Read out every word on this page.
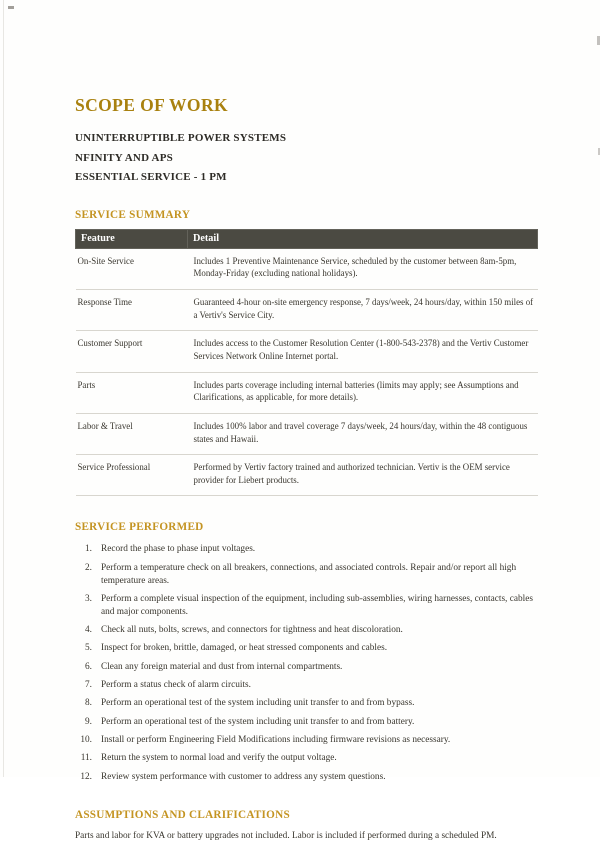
SCOPE OF WORK
UNINTERRUPTIBLE POWER SYSTEMS
NFINITY AND APS
ESSENTIAL SERVICE - 1 PM
SERVICE SUMMARY
Feature	Detail
On-Site Service	Includes 1 Preventive Maintenance Service, scheduled by the customer between 8am-5pm, Monday-Friday (excluding national holidays).
Response Time	Guaranteed 4-hour on-site emergency response, 7 days/week, 24 hours/day, within 150 miles of a Vertiv's Service City.
Customer Support	Includes access to the Customer Resolution Center (1-800-543-2378) and the Vertiv Customer Services Network Online Internet portal.
Parts	Includes parts coverage including internal batteries (limits may apply; see Assumptions and Clarifications, as applicable, for more details).
Labor & Travel	Includes 100% labor and travel coverage 7 days/week, 24 hours/day, within the 48 contiguous states and Hawaii.
Service Professional	Performed by Vertiv factory trained and authorized technician. Vertiv is the OEM service provider for Liebert products.
SERVICE PERFORMED
1. Record the phase to phase input voltages.
2. Perform a temperature check on all breakers, connections, and associated controls. Repair and/or report all high temperature areas.
3. Perform a complete visual inspection of the equipment, including sub-assemblies, wiring harnesses, contacts, cables and major components.
4. Check all nuts, bolts, screws, and connectors for tightness and heat discoloration.
5. Inspect for broken, brittle, damaged, or heat stressed components and cables.
6. Clean any foreign material and dust from internal compartments.
7. Perform a status check of alarm circuits.
8. Perform an operational test of the system including unit transfer to and from bypass.
9. Perform an operational test of the system including unit transfer to and from battery.
10. Install or perform Engineering Field Modifications including firmware revisions as necessary.
11. Return the system to normal load and verify the output voltage.
12. Review system performance with customer to address any system questions.
ASSUMPTIONS AND CLARIFICATIONS

Parts and labor for KVA or battery upgrades not included. Labor is included if performed during a scheduled PM.
